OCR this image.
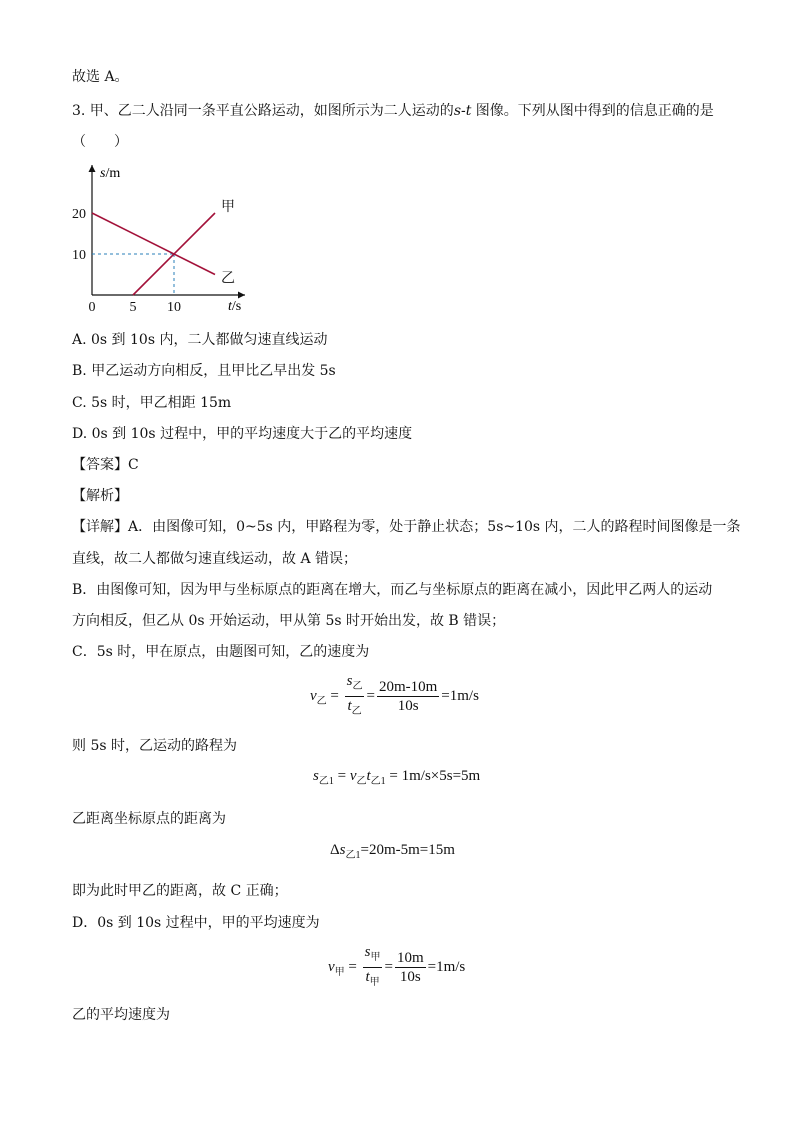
故选 A。
3. 甲、乙二人沿同一条平直公路运动，如图所示为二人运动的s-t 图像。下列从图中得到的信息正确的是
（　　）
甲
乙
0 5 10
10
20
s/m
t/s
A. 0s 到 10s 内，二人都做匀速直线运动
B. 甲乙运动方向相反，且甲比乙早出发 5s
C. 5s 时，甲乙相距 15m
D. 0s 到 10s 过程中，甲的平均速度大于乙的平均速度
【答案】C
【解析】
【详解】A．由图像可知，0~5s 内，甲路程为零，处于静止状态；5s~10s 内，二人的路程时间图像是一条
直线，故二人都做匀速直线运动，故 A 错误；
B．由图像可知，因为甲与坐标原点的距离在增大，而乙与坐标原点的距离在减小，因此甲乙两人的运动
方向相反，但乙从 0s 开始运动，甲从第 5s 时开始出发，故 B 错误；
C．5s 时，甲在原点，由题图可知，乙的速度为
$v_乙 = \frac{s_乙}{t_乙} = \frac{20m-10m}{10s} =1m/s$
则 5s 时，乙运动的路程为
$s_{乙1} = v_乙t_{乙1} = 1m/s\times 5s=5m$
乙距离坐标原点的距离为
$\Delta s_{乙1}=20m-5m=15m$
即为此时甲乙的距离，故 C 正确；
D．0s 到 10s 过程中，甲的平均速度为
$v_甲 = \frac{s_甲}{t_甲} = \frac{10m}{10s} =1m/s$
乙的平均速度为
